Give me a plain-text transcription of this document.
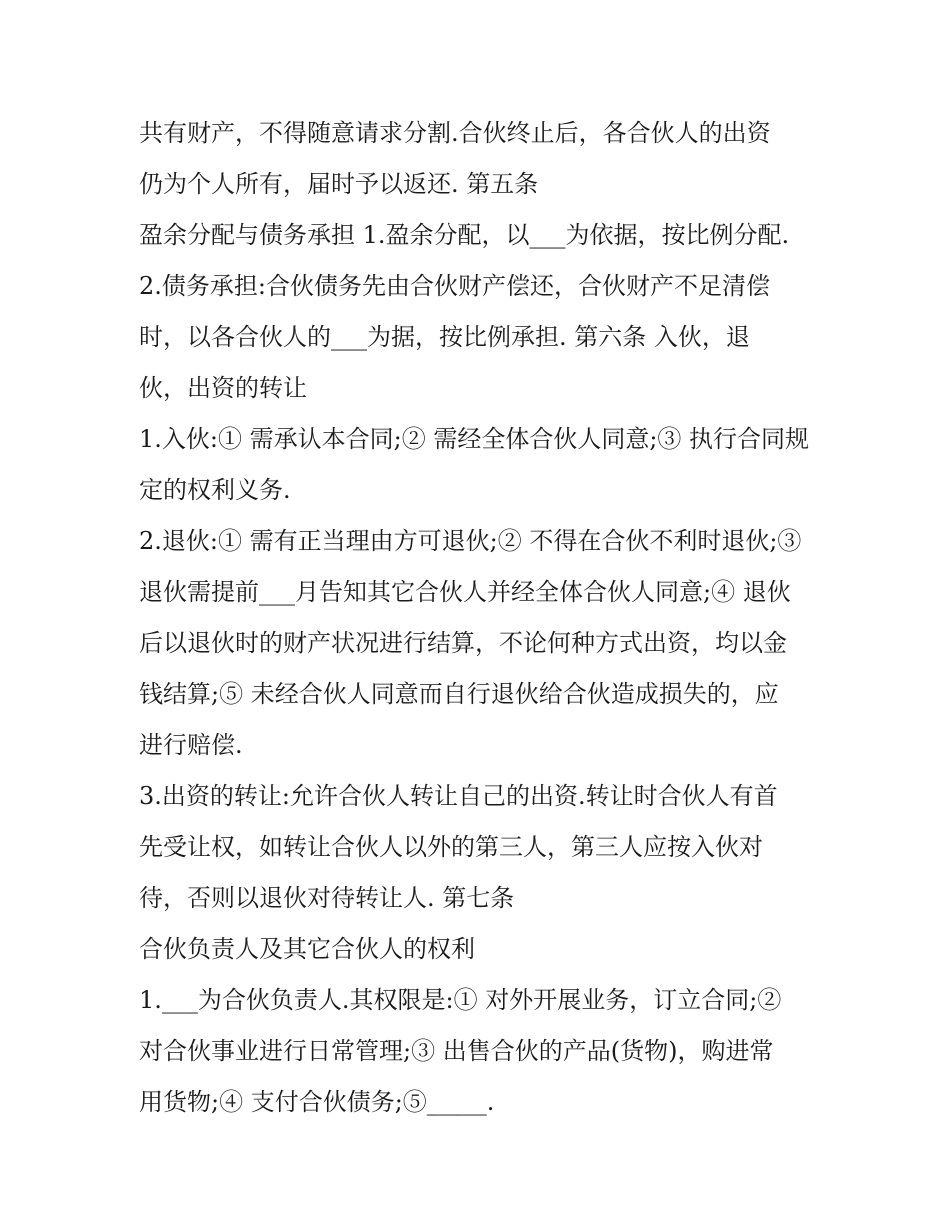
共有财产，不得随意请求分割.合伙终止后，各合伙人的出资
仍为个人所有，届时予以返还. 第五条
盈余分配与债务承担 1.盈余分配，以___为依据，按比例分配.
2.债务承担:合伙债务先由合伙财产偿还，合伙财产不足清偿
时，以各合伙人的___为据，按比例承担. 第六条 入伙，退
伙，出资的转让
1.入伙:① 需承认本合同;② 需经全体合伙人同意;③ 执行合同规
定的权利义务.
2.退伙:① 需有正当理由方可退伙;② 不得在合伙不利时退伙;③
退伙需提前___月告知其它合伙人并经全体合伙人同意;④ 退伙
后以退伙时的财产状况进行结算，不论何种方式出资，均以金
钱结算;⑤ 未经合伙人同意而自行退伙给合伙造成损失的，应
进行赔偿.
3.出资的转让:允许合伙人转让自己的出资.转让时合伙人有首
先受让权，如转让合伙人以外的第三人，第三人应按入伙对
待，否则以退伙对待转让人. 第七条
合伙负责人及其它合伙人的权利
1.___为合伙负责人.其权限是:① 对外开展业务，订立合同;②
对合伙事业进行日常管理;③ 出售合伙的产品(货物)，购进常
用货物;④ 支付合伙债务;⑤_____.
